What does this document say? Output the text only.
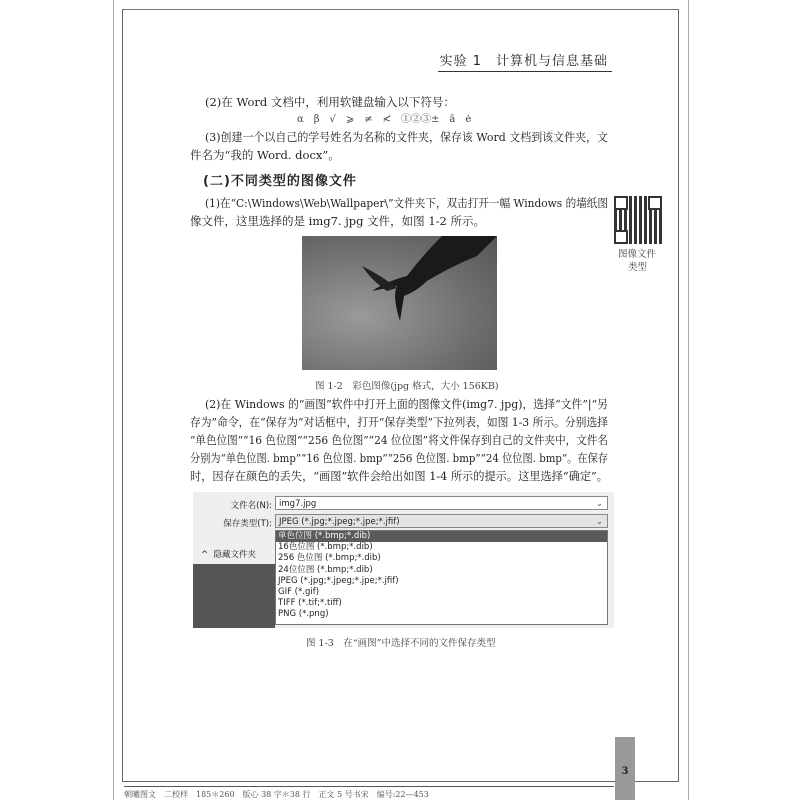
实验 1　计算机与信息基础
(2)在 Word 文档中，利用软键盘输入以下符号：
α　β　√　⩾　≠　≮　①②③±　ā　ė
(3)创建一个以自己的学号姓名为名称的文件夹，保存该 Word 文档到该文件夹，文
件名为“我的 Word. docx”。
(二)不同类型的图像文件
(1)在“C:\Windows\Web\Wallpaper\”文件夹下，双击打开一幅 Windows 的墙纸图
像文件，这里选择的是 img7. jpg 文件，如图 1-2 所示。
图像文件
类型
图 1-2　彩色图像(jpg 格式，大小 156KB)
(2)在 Windows 的“画图”软件中打开上面的图像文件(img7. jpg)，选择“文件”|“另
存为”命令，在“保存为”对话框中，打开“保存类型”下拉列表，如图 1-3 所示。分别选择
“单色位图”“16 色位图”“256 色位图”“24 位位图”将文件保存到自己的文件夹中，文件名
分别为“单色位图. bmp”“16 色位图. bmp”“256 色位图. bmp”“24 位位图. bmp”。在保存
时，因存在颜色的丢失，“画图”软件会给出如图 1-4 所示的提示。这里选择“确定”。
文件名(N): img7.jpg	⌄
保存类型(T): JPEG (*.jpg;*.jpeg;*.jpe;*.jfif)	⌄
^ 隐藏文件夹
单色位图 (*.bmp;*.dib)
16色位图 (*.bmp;*.dib)
256 色位图 (*.bmp;*.dib)
24位位图 (*.bmp;*.dib)
JPEG (*.jpg;*.jpeg;*.jpe;*.jfif)
GIF (*.gif)
TIFF (*.tif;*.tiff)
PNG (*.png)
图 1-3　在“画图”中选择不同的文件保存类型
3
朝曦图文　二校样　185＊260　版心 38 字＊38 行　正文 5 号书宋　编号:22—453
